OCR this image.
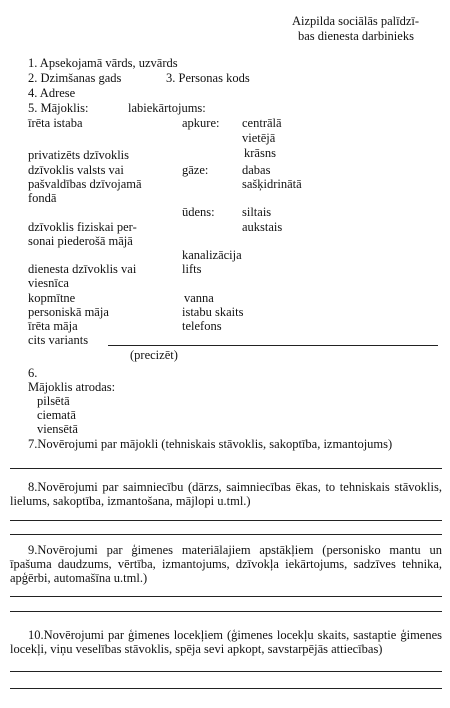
Aizpilda sociālās palīdzī-
bas dienesta darbinieks
1. Apsekojamā vārds, uzvārds
2. Dzimšanas gads	3. Personas kods
4. Adrese
5. Mājoklis:	labiekārtojums:
īrēta istaba
privatizēts dzīvoklis
dzīvoklis valsts vai
pašvaldības dzīvojamā
fondā
dzīvoklis fiziskai per-
sonai piederošā mājā
dienesta dzīvoklis vai
viesnīca
kopmītne
personiskā māja
īrēta māja
cits variants
(precizēt)
apkure: centrālā
vietējā
krāsns
gāze:	dabas
sašķidrinātā
ūdens: siltais
aukstais
kanalizācija
lifts
vanna
istabu skaits
telefons
6.
Mājoklis atrodas:
pilsētā
ciematā
viensētā
7.Novērojumi par mājokli (tehniskais stāvoklis, sakoptība, izmantojums)
8.Novērojumi par saimniecību (dārzs, saimniecības ēkas, to tehniskais stāvoklis, lielums, sakoptība, izmantošana, mājlopi u.tml.)
9.Novērojumi par ģimenes materiālajiem apstākļiem (personisko mantu un īpašuma daudzums, vērtība, izmantojums, dzīvokļa iekārtojums, sadzīves tehnika, apģērbi, automašīna u.tml.)
10.Novērojumi par ģimenes locekļiem (ģimenes locekļu skaits, sastaptie ģimenes locekļi, viņu veselības stāvoklis, spēja sevi apkopt, savstarpējās attiecības)
